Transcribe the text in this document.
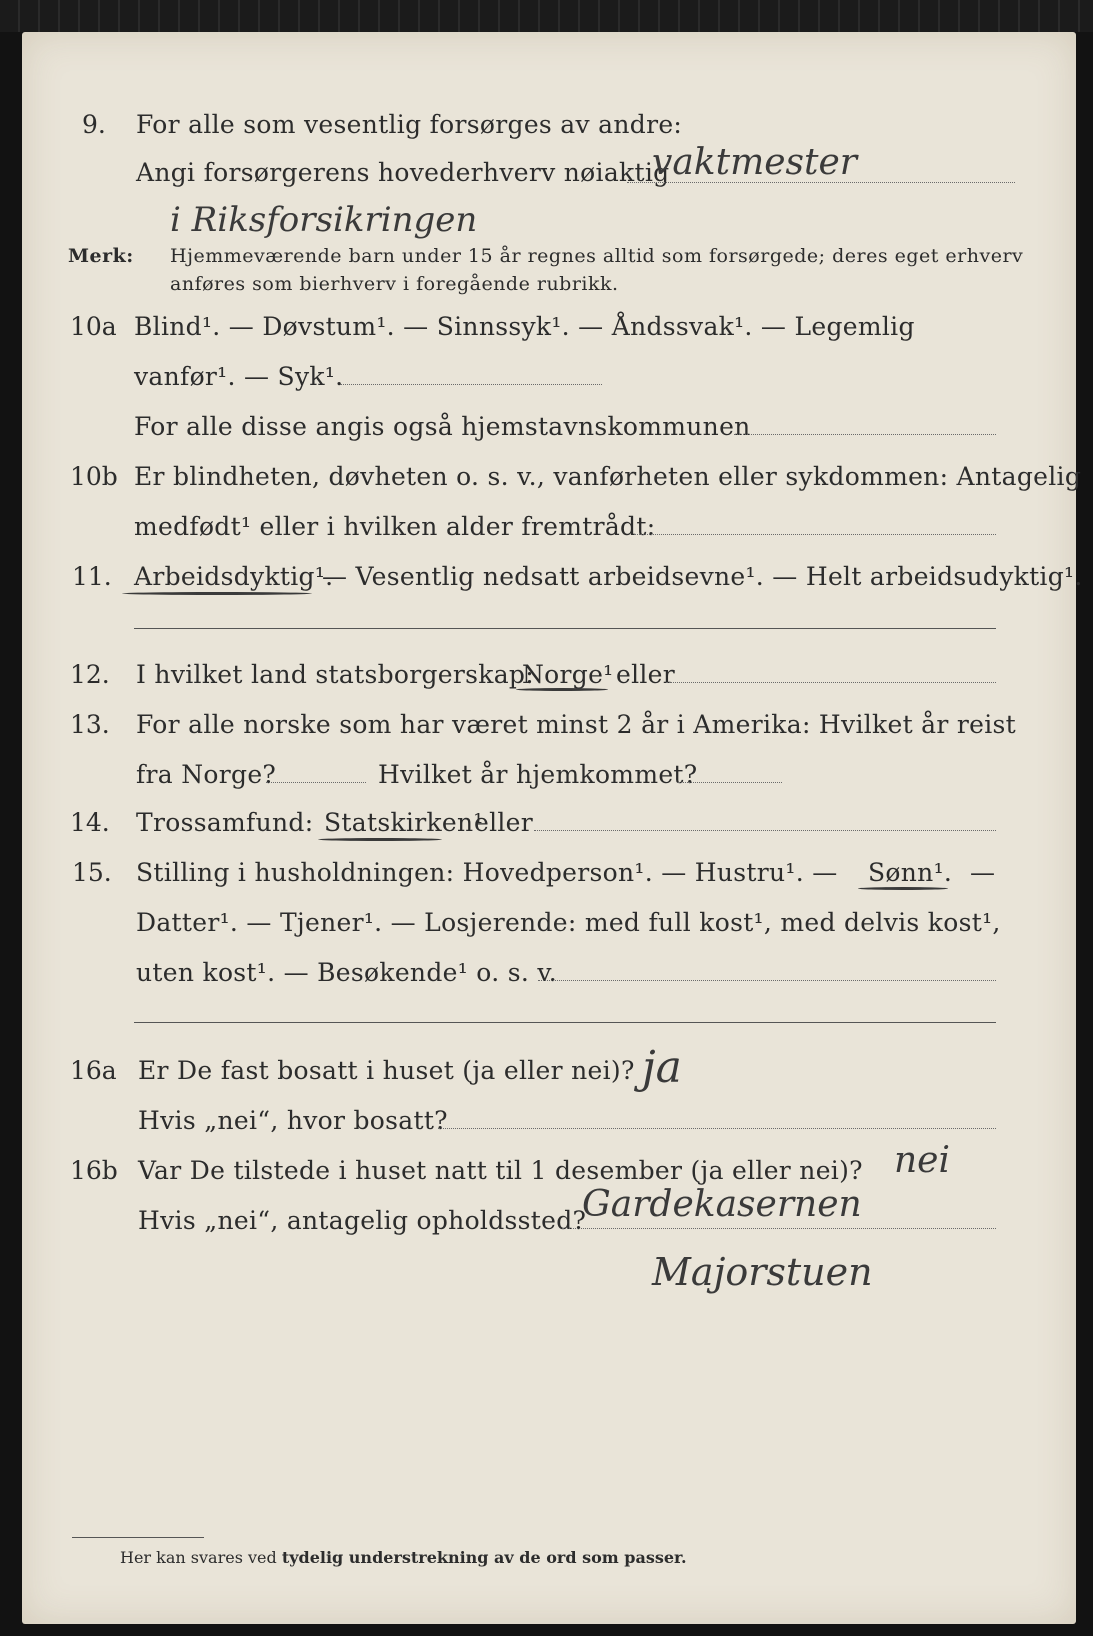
9. For alle som vesentlig forsørges av andre:
Angi forsørgerens hovederhverv nøiaktig
vaktmester
i Riksforsikringen
Merk: Hjemmeværende barn under 15 år regnes alltid som forsørgede; deres eget erhverv
anføres som bierhverv i foregående rubrikk.
10a Blind¹. — Døvstum¹. — Sinnssyk¹. — Åndssvak¹. — Legemlig
vanfør¹. — Syk¹.
For alle disse angis også hjemstavnskommunen
10b Er blindheten, døvheten o. s. v., vanførheten eller sykdommen: Antagelig
medfødt¹ eller i hvilken alder fremtrådt:
11. Arbeidsdyktig¹.
— Vesentlig nedsatt arbeidsevne¹. — Helt arbeidsudyktig¹.
12. I hvilket land statsborgerskap:
Norge¹ eller
13. For alle norske som har været minst 2 år i Amerika: Hvilket år reist
fra Norge?	Hvilket år hjemkommet?
14. Trossamfund: Statskirken¹
eller
15. Stilling i husholdningen: Hovedperson¹. — Hustru¹. — Sønn¹. —
Datter¹. — Tjener¹. — Losjerende: med full kost¹, med delvis kost¹,
uten kost¹. — Besøkende¹ o. s. v.
16a Er De fast bosatt i huset (ja eller nei)? ja
Hvis „nei“, hvor bosatt?
16b Var De tilstede i huset natt til 1 desember (ja eller nei)? nei
Hvis „nei“, antagelig opholdssted?
Gardekasernen
Majorstuen
Her kan svares ved tydelig understrekning av de ord som passer.
